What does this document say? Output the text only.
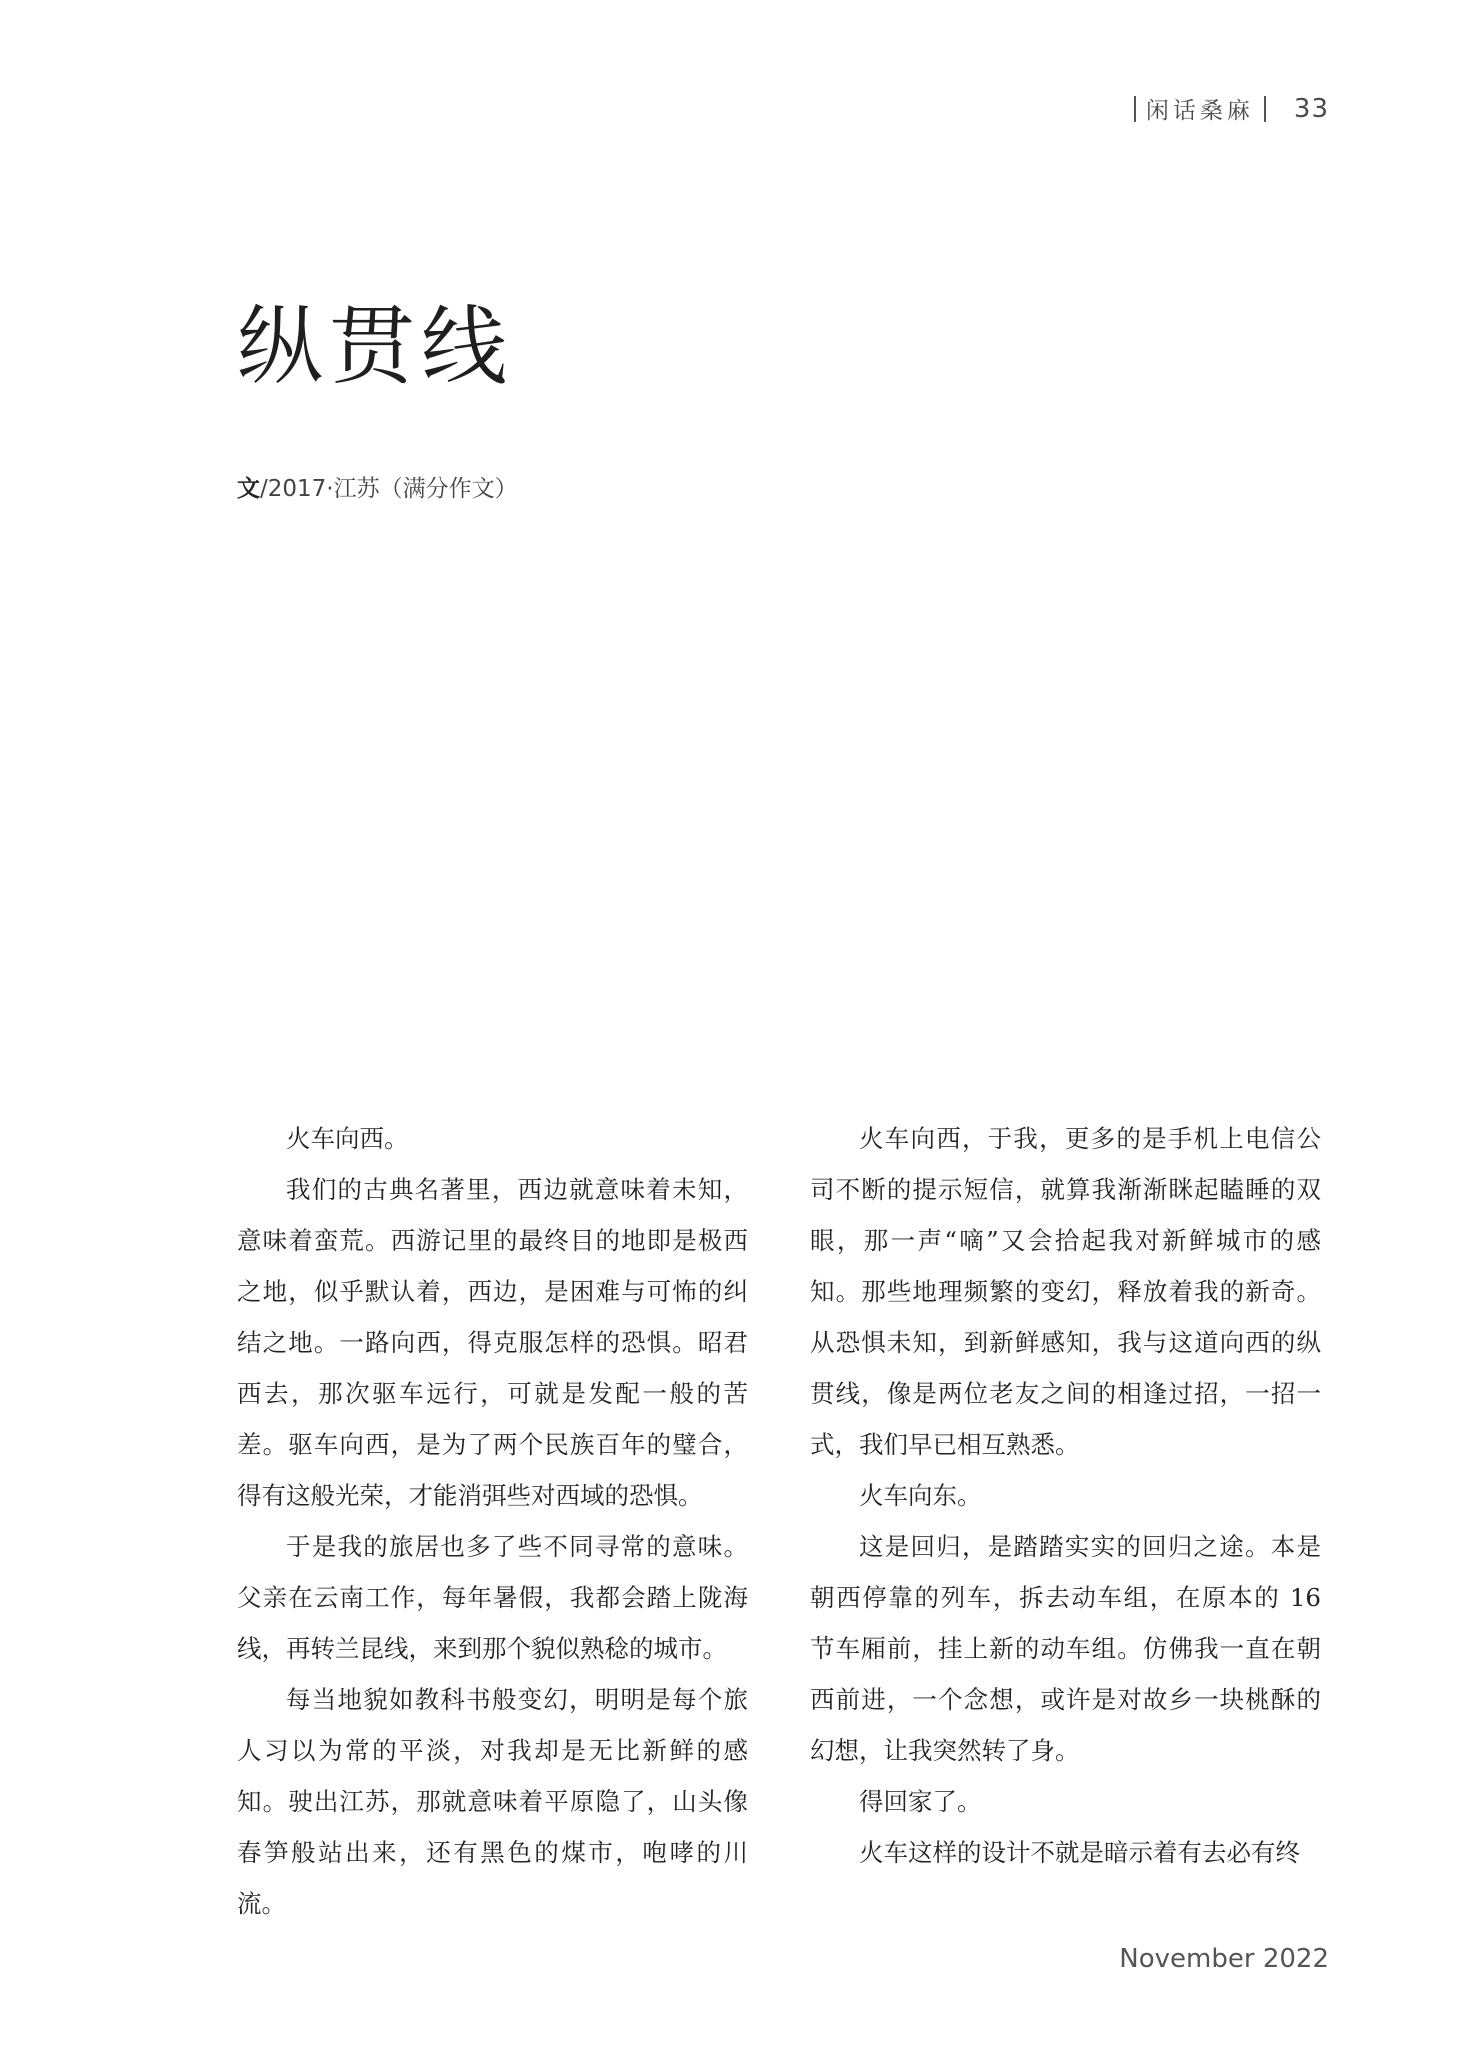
闲话桑麻 33
纵贯线
文/2017·江苏（满分作文）

火车向西。

我们的古典名著里，西边就意味着未知，意味着蛮荒。西游记里的最终目的地即是极西之地，似乎默认着，西边，是困难与可怖的纠结之地。一路向西，得克服怎样的恐惧。昭君西去，那次驱车远行，可就是发配一般的苦差。驱车向西，是为了两个民族百年的璧合，得有这般光荣，才能消弭些对西域的恐惧。

于是我的旅居也多了些不同寻常的意味。父亲在云南工作，每年暑假，我都会踏上陇海线，再转兰昆线，来到那个貌似熟稔的城市。

每当地貌如教科书般变幻，明明是每个旅人习以为常的平淡，对我却是无比新鲜的感知。驶出江苏，那就意味着平原隐了，山头像春笋般站出来，还有黑色的煤市，咆哮的川流。

火车向西，于我，更多的是手机上电信公司不断的提示短信，就算我渐渐眯起瞌睡的双眼，那一声“嘀”又会拾起我对新鲜城市的感知。那些地理频繁的变幻，释放着我的新奇。从恐惧未知，到新鲜感知，我与这道向西的纵贯线，像是两位老友之间的相逢过招，一招一式，我们早已相互熟悉。

火车向东。

这是回归，是踏踏实实的回归之途。本是朝西停靠的列车，拆去动车组，在原本的 16 节车厢前，挂上新的动车组。仿佛我一直在朝西前进，一个念想，或许是对故乡一块桃酥的幻想，让我突然转了身。

得回家了。

火车这样的设计不就是暗示着有去必有终

November 2022
